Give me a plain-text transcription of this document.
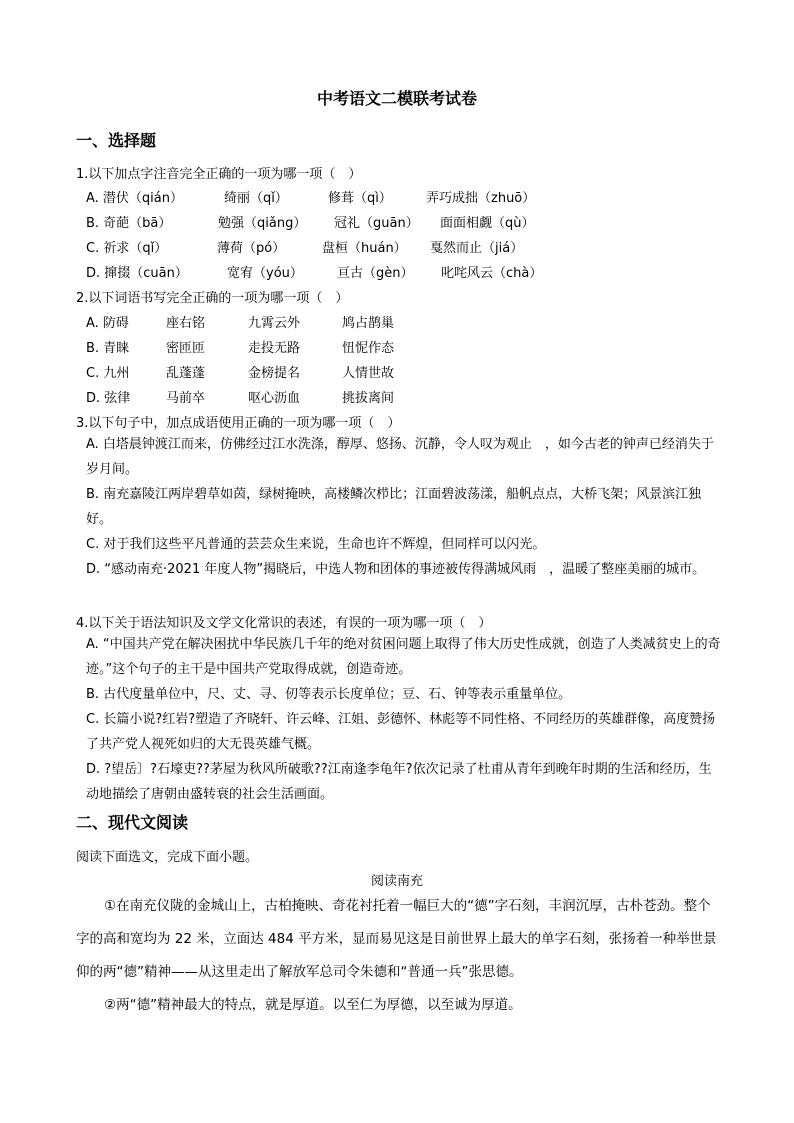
中考语文二模联考试卷
一、选择题
1.以下加点字注音完全正确的一项为哪一项（　）
A. 潜伏（qián）	绮丽（qǐ）	修葺（qì）	弄巧成拙（zhuō）
B. 奇葩（bā）	勉强（qiǎng） 冠礼（guān） 面面相觑（qù）
C. 祈求（qǐ）	薄荷（pó）	盘桓（huán） 戛然而止（jiá）
D. 撺掇（cuān）	宽宥（yóu）	亘古（gèn） 叱咤风云（chà）
2.以下词语书写完全正确的一项为哪一项（　）
A. 防碍	座右铭	九霄云外	鸠占鹊巢
B. 青睐	密匝匝	走投无路	忸怩作态
C. 九州	乱蓬蓬	金榜提名	人情世故
D. 弦律	马前卒	呕心沥血	挑拔离间
3.以下句子中，加点成语使用正确的一项为哪一项（　）
A. 白塔晨钟渡江而来，仿佛经过江水洗涤，醇厚、悠扬、沉静，令人叹为观止　，如今古老的钟声已经消失于岁月间。
B. 南充嘉陵江两岸碧草如茵，绿树掩映，高楼鳞次栉比；江面碧波荡漾，船帆点点，大桥飞架；风景滨江独好。
C. 对于我们这些平凡普通的芸芸众生来说，生命也许不辉煌，但同样可以闪光。
D. “感动南充·2021 年度人物”揭晓后，中选人物和团体的事迹被传得满城风雨　，温暖了整座美丽的城市。
4.以下关于语法知识及文学文化常识的表述，有误的一项为哪一项（　）
A. “中国共产党在解决困扰中华民族几千年的绝对贫困问题上取得了伟大历史性成就，创造了人类减贫史上的奇迹。”这个句子的主干是中国共产党取得成就，创造奇迹。
B. 古代度量单位中，尺、丈、寻、仞等表示长度单位；豆、石、钟等表示重量单位。
C. 长篇小说?红岩?塑造了齐晓轩、许云峰、江姐、彭德怀、林彪等不同性格、不同经历的英雄群像，高度赞扬了共产党人视死如归的大无畏英雄气概。
D. ?望岳〕?石壕吏??茅屋为秋风所破歌??江南逢李龟年?依次记录了杜甫从青年到晚年时期的生活和经历，生动地描绘了唐朝由盛转衰的社会生活画面。
二、现代文阅读
阅读下面选文，完成下面小题。
阅读南充
①在南充仪陇的金城山上，古柏掩映、奇花衬托着一幅巨大的“德”字石刻，丰润沉厚，古朴苍劲。整个字的高和宽均为 22 米，立面达 484 平方米，显而易见这是目前世界上最大的单字石刻，张扬着一种举世景仰的两“德”精神——从这里走出了解放军总司令朱德和“普通一兵”张思德。
②两“德”精神最大的特点，就是厚道。以至仁为厚德，以至诚为厚道。
